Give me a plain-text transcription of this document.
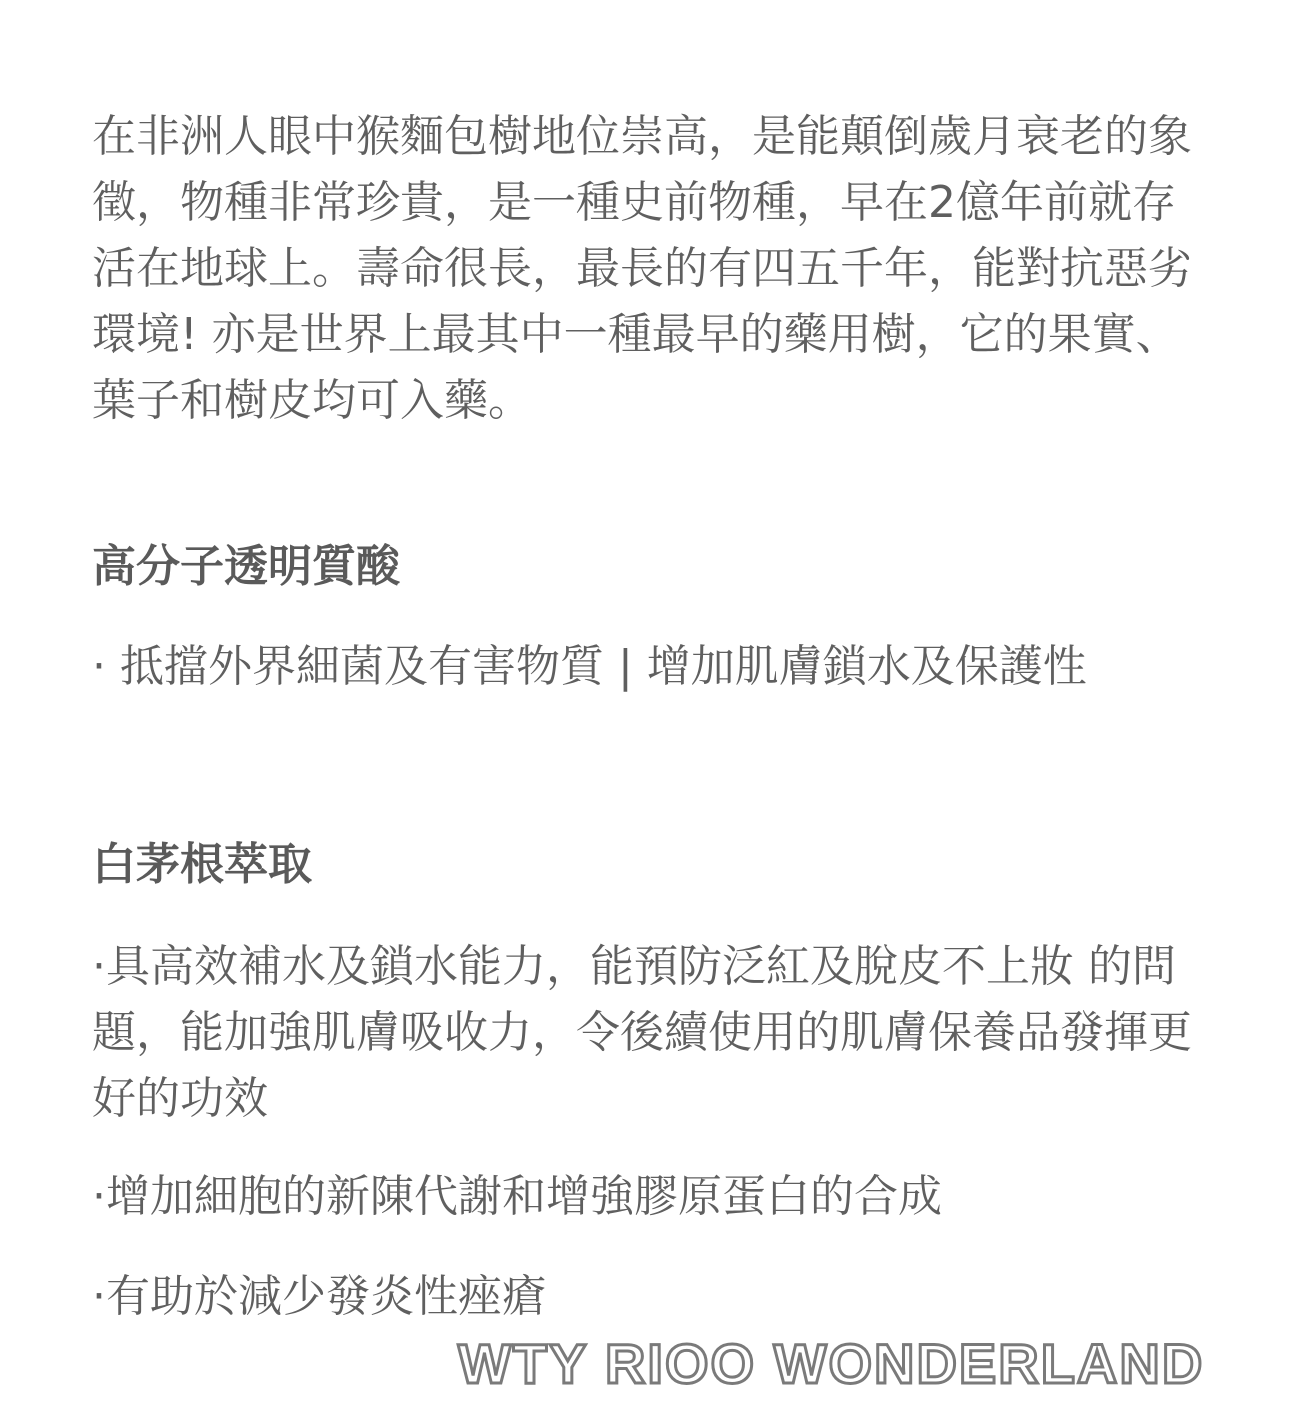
在非洲人眼中猴麵包樹地位崇高，是能顛倒歲月衰老的象徵，物種非常珍貴，是一種史前物種，早在2億年前就存活在地球上。壽命很長，最長的有四五千年，能對抗惡劣環境! 亦是世界上最其中一種最早的藥用樹，它的果實、葉子和樹皮均可入藥。

高分子透明質酸

· 抵擋外界細菌及有害物質 | 增加肌膚鎖水及保護性

白茅根萃取

·具高效補水及鎖水能力，能預防泛紅及脫皮不上妝 的問題，能加強肌膚吸收力，令後續使用的肌膚保養品發揮更好的功效

·增加細胞的新陳代謝和增強膠原蛋白的合成

·有助於減少發炎性痤瘡

WTY RIOO WONDERLAND
